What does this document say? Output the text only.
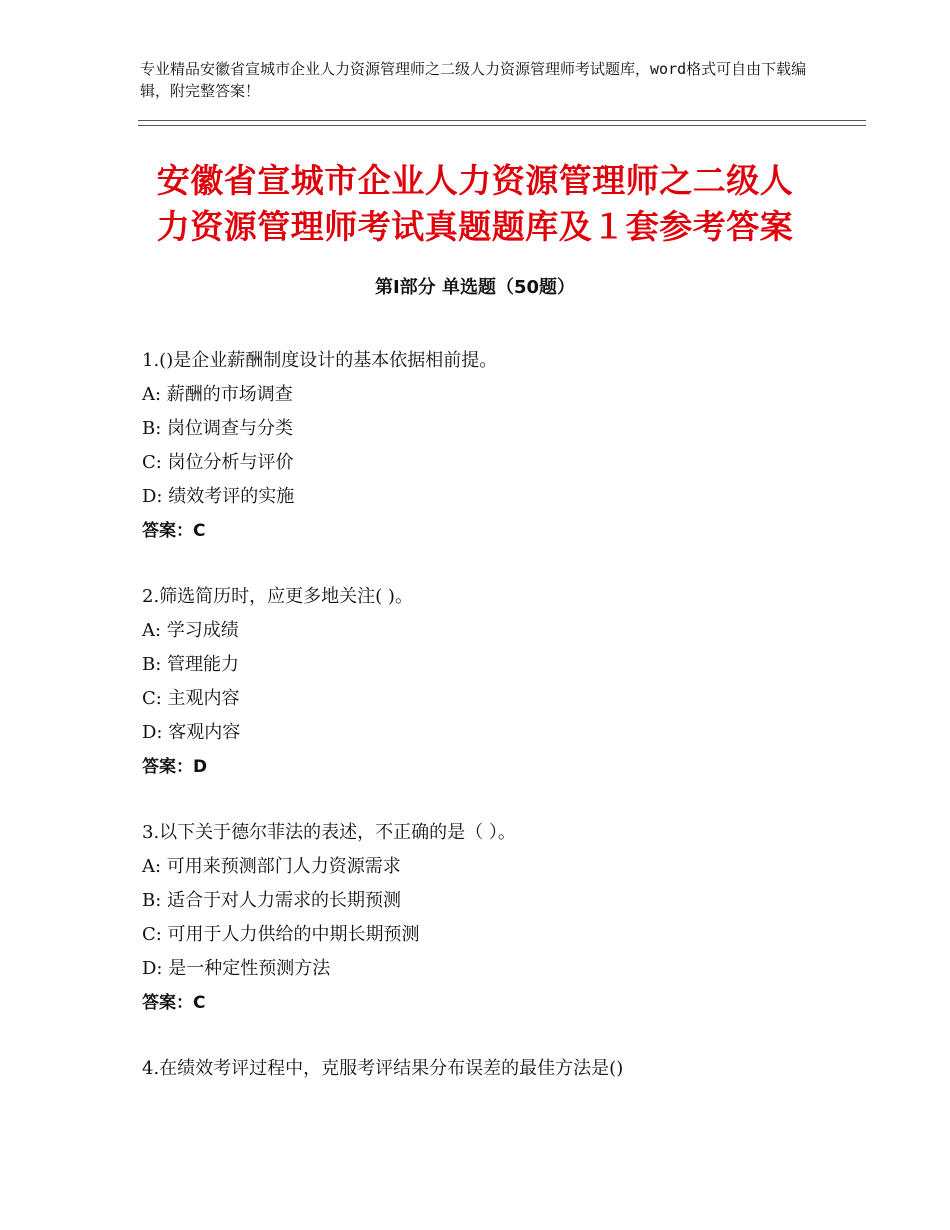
专业精品安徽省宣城市企业人力资源管理师之二级人力资源管理师考试题库，word格式可自由下载编辑，附完整答案！
安徽省宣城市企业人力资源管理师之二级人
力资源管理师考试真题题库及１套参考答案
第Ⅰ部分 单选题（50题）
1.()是企业薪酬制度设计的基本依据相前提。
A: 薪酬的市场调查
B: 岗位调查与分类
C: 岗位分析与评价
D: 绩效考评的实施
答案：C
2.筛选简历时，应更多地关注( )。
A: 学习成绩
B: 管理能力
C: 主观内容
D: 客观内容
答案：D
3.以下关于德尔菲法的表述，不正确的是（ ）。
A: 可用来预测部门人力资源需求
B: 适合于对人力需求的长期预测
C: 可用于人力供给的中期长期预测
D: 是一种定性预测方法
答案：C
4.在绩效考评过程中，克服考评结果分布误差的最佳方法是()
